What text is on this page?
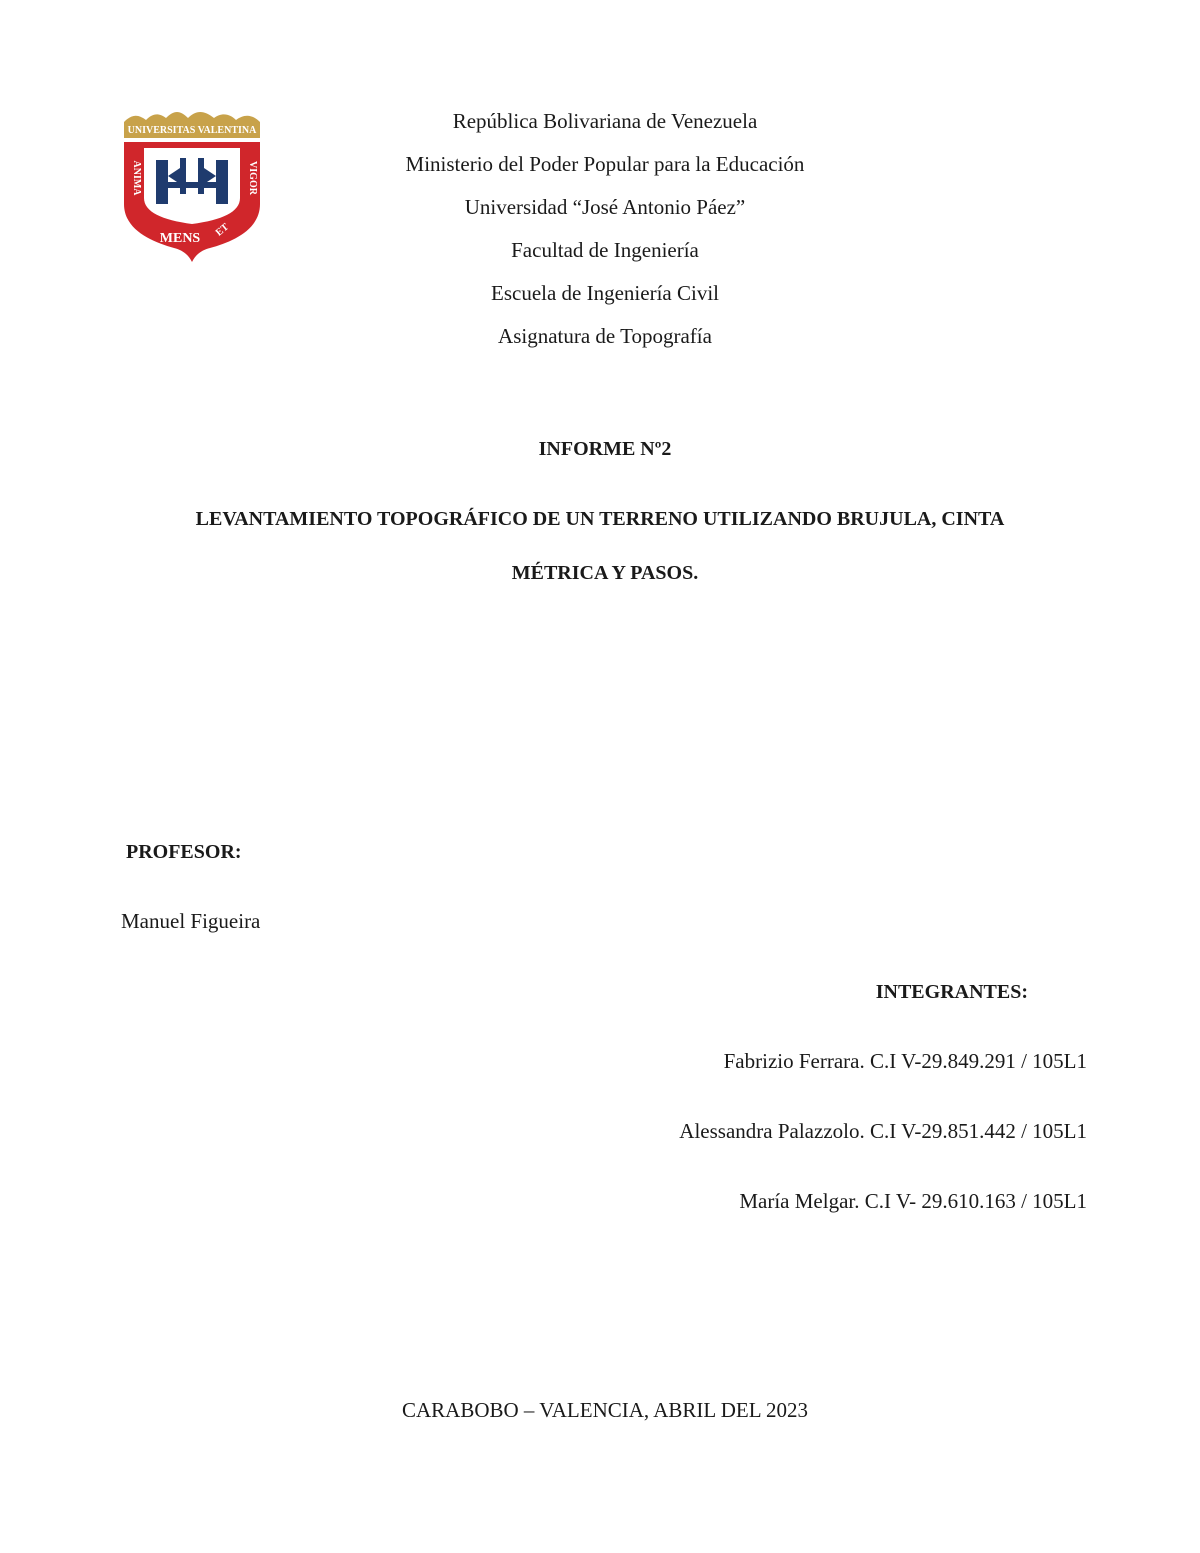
UNIVERSITAS VALENTINA
ANIMA	VIGOR
MENS ET
República Bolivariana de Venezuela
Ministerio del Poder Popular para la Educación
Universidad “José Antonio Páez”
Facultad de Ingeniería
Escuela de Ingeniería Civil
Asignatura de Topografía
INFORME Nº2
LEVANTAMIENTO TOPOGRÁFICO DE UN TERRENO UTILIZANDO BRUJULA, CINTA
MÉTRICA Y PASOS.
PROFESOR:
Manuel Figueira
INTEGRANTES:
Fabrizio Ferrara. C.I V-29.849.291 / 105L1
Alessandra Palazzolo. C.I V-29.851.442 / 105L1
María Melgar. C.I V- 29.610.163 / 105L1
CARABOBO – VALENCIA, ABRIL DEL 2023
